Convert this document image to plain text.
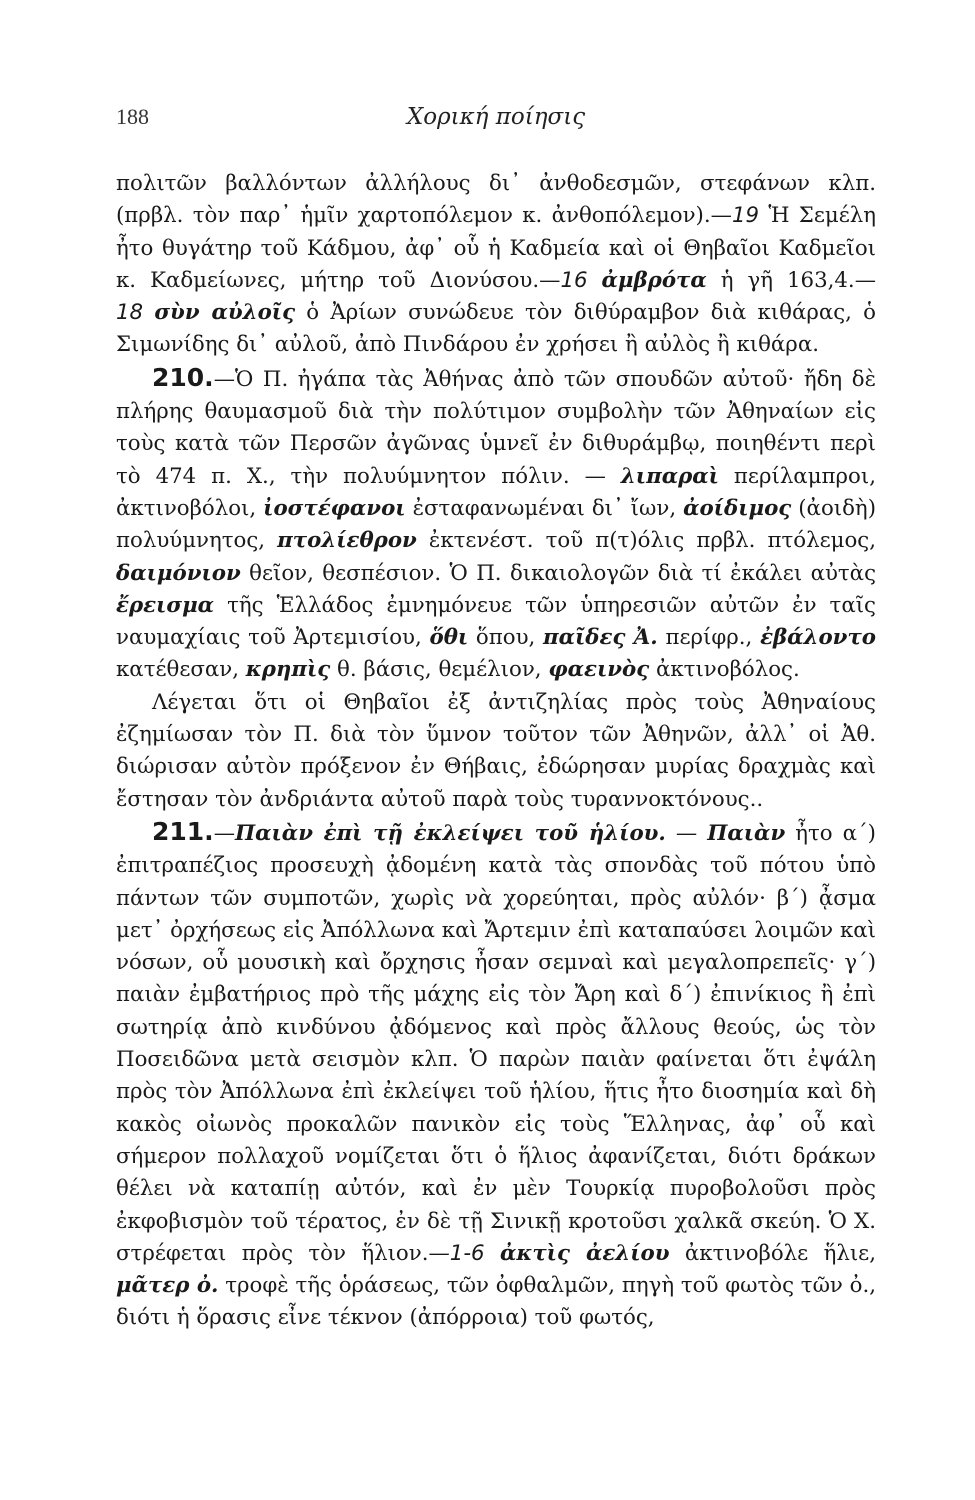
188	Χορική ποίησις

πολιτῶν βαλλόντων ἀλλήλους δι᾽ ἀνθοδεσμῶν, στεφάνων κλπ. (πρβλ. τὸν παρ᾽ ἡμῖν χαρτοπόλεμον κ. ἀνθοπόλεμον).—19 Ἡ Σεμέλη ἦτο θυγάτηρ τοῦ Κάδμου, ἀφ᾽ οὗ ἡ Καδμεία καὶ οἱ Θηβαῖοι Καδμεῖοι κ. Καδμείωνες, μήτηρ τοῦ Διονύσου.—16 ἀμβρότα ἡ γῆ 163,4.— 18 σὺν αὐλοῖς ὁ Ἀρίων συνώδευε τὸν διθύραμβον διὰ κιθάρας, ὁ Σιμωνίδης δι᾽ αὐλοῦ, ἀπὸ Πινδάρου ἐν χρήσει ἢ αὐλὸς ἢ κιθάρα.

210.—Ὁ Π. ἠγάπα τὰς Ἀθήνας ἀπὸ τῶν σπουδῶν αὐτοῦ· ἤδη δὲ πλήρης θαυμασμοῦ διὰ τὴν πολύτιμον συμβολὴν τῶν Ἀθηναίων εἰς τοὺς κατὰ τῶν Περσῶν ἀγῶνας ὑμνεῖ ἐν διθυράμβῳ, ποιηθέντι περὶ τὸ 474 π. Χ., τὴν πολυύμνητον πόλιν. — λιπαραὶ περίλαμπροι, ἀκτινοβόλοι, ἰοστέφανοι ἐσταφανωμέναι δι᾽ ἴων, ἀοίδιμος (ἀοιδὴ) πολυύμνητος, πτολίεθρον ἐκτενέστ. τοῦ π(τ)όλις πρβλ. πτόλεμος, δαιμόνιον θεῖον, θεσπέσιον. Ὁ Π. δικαιολογῶν διὰ τί ἐκάλει αὐτὰς ἔρεισμα τῆς Ἑλλάδος ἐμνημόνευε τῶν ὑπηρεσιῶν αὐτῶν ἐν ταῖς ναυμαχίαις τοῦ Ἀρτεμισίου, ὅθι ὅπου, παῖδες Ἀ. περίφρ., ἐβάλοντο κατέθεσαν, κρηπὶς θ. βάσις, θεμέλιον, φαεινὸς ἀκτινοβόλος.

Λέγεται ὅτι οἱ Θηβαῖοι ἐξ ἀντιζηλίας πρὸς τοὺς Ἀθηναίους ἐζημίωσαν τὸν Π. διὰ τὸν ὕμνον τοῦτον τῶν Ἀθηνῶν, ἀλλ᾽ οἱ Ἀθ. διώρισαν αὐτὸν πρόξενον ἐν Θήβαις, ἐδώρησαν μυρίας δραχμὰς καὶ ἔστησαν τὸν ἀνδριάντα αὐτοῦ παρὰ τοὺς τυραννοκτόνους..

211.—Παιὰν ἐπὶ τῇ ἐκλείψει τοῦ ἡλίου. — Παιὰν ἦτο α΄) ἐπιτραπέζιος προσευχὴ ᾀδομένη κατὰ τὰς σπονδὰς τοῦ πότου ὑπὸ πάντων τῶν συμποτῶν, χωρὶς νὰ χορεύηται, πρὸς αὐλόν· β΄) ᾆσμα μετ᾽ ὀρχήσεως εἰς Ἀπόλλωνα καὶ Ἄρτεμιν ἐπὶ καταπαύσει λοιμῶν καὶ νόσων, οὗ μουσικὴ καὶ ὄρχησις ἦσαν σεμναὶ καὶ μεγαλοπρεπεῖς· γ΄) παιὰν ἐμβατήριος πρὸ τῆς μάχης εἰς τὸν Ἄρη καὶ δ΄) ἐπινίκιος ἢ ἐπὶ σωτηρίᾳ ἀπὸ κινδύνου ᾀδόμενος καὶ πρὸς ἄλλους θεούς, ὡς τὸν Ποσειδῶνα μετὰ σεισμὸν κλπ. Ὁ παρὼν παιὰν φαίνεται ὅτι ἐψάλη πρὸς τὸν Ἀπόλλωνα ἐπὶ ἐκλείψει τοῦ ἡλίου, ἥτις ἦτο διοσημία καὶ δὴ κακὸς οἰωνὸς προκαλῶν πανικὸν εἰς τοὺς Ἕλληνας, ἀφ᾽ οὗ καὶ σήμερον πολλαχοῦ νομίζεται ὅτι ὁ ἥλιος ἀφανίζεται, διότι δράκων θέλει νὰ καταπίῃ αὐτόν, καὶ ἐν μὲν Τουρκίᾳ πυροβολοῦσι πρὸς ἐκφοβισμὸν τοῦ τέρατος, ἐν δὲ τῇ Σινικῇ κροτοῦσι χαλκᾶ σκεύη. Ὁ Χ. στρέφεται πρὸς τὸν ἥλιον.—1-6 ἀκτὶς ἀελίου ἀκτινοβόλε ἥλιε, μᾶτερ ὀ. τροφὲ τῆς ὁράσεως, τῶν ὀφθαλμῶν, πηγὴ τοῦ φωτὸς τῶν ὀ., διότι ἡ ὅρασις εἶνε τέκνον (ἀπόρροια) τοῦ φωτός,
